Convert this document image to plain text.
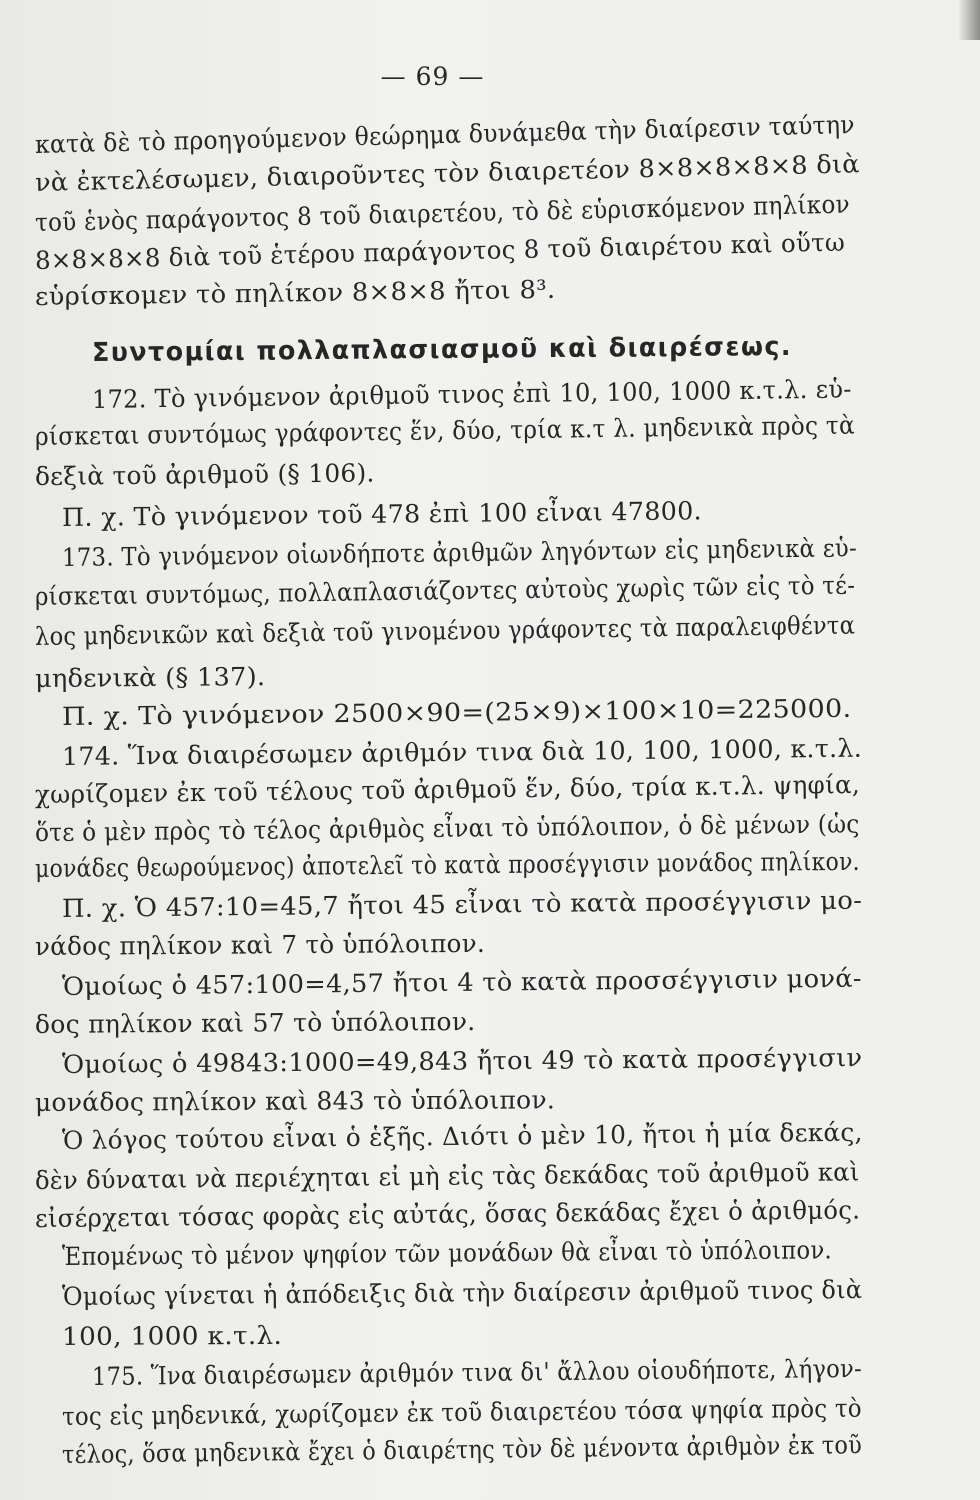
— 69 —
κατὰ δὲ τὸ προηγούμενον θεώρημα δυνάμεθα τὴν διαίρεσιν ταύτην
νὰ ἐκτελέσωμεν, διαιροῦντες τὸν διαιρετέον 8×8×8×8×8 διὰ
τοῦ ἑνὸς παράγοντος 8 τοῦ διαιρετέου, τὸ δὲ εὑρισκόμενον πηλίκον
8×8×8×8 διὰ τοῦ ἑτέρου παράγοντος 8 τοῦ διαιρέτου καὶ οὕτω
εὑρίσκομεν τὸ πηλίκον 8×8×8 ἤτοι 8³.
Συντομίαι πολλαπλασιασμοῦ καὶ διαιρέσεως.
172. Τὸ γινόμενον ἀριθμοῦ τινος ἐπὶ 10, 100, 1000 κ.τ.λ. εὑ-
ρίσκεται συντόμως γράφοντες ἕν, δύο, τρία κ.τ λ. μηδενικὰ πρὸς τὰ
δεξιὰ τοῦ ἀριθμοῦ (§ 106).
Π. χ. Τὸ γινόμενον τοῦ 478 ἐπὶ 100 εἶναι 47800.
173. Τὸ γινόμενον οἱωνδήποτε ἀριθμῶν ληγόντων εἰς μηδενικὰ εὑ-
ρίσκεται συντόμως, πολλαπλασιάζοντες αὐτοὺς χωρὶς τῶν εἰς τὸ τέ-
λος μηδενικῶν καὶ δεξιὰ τοῦ γινομένου γράφοντες τὰ παραλειφθέντα
μηδενικὰ (§ 137).
Π. χ. Τὸ γινόμενον 2500×90=(25×9)×100×10=225000.
174. Ἵνα διαιρέσωμεν ἀριθμόν τινα διὰ 10, 100, 1000, κ.τ.λ.
χωρίζομεν ἐκ τοῦ τέλους τοῦ ἀριθμοῦ ἕν, δύο, τρία κ.τ.λ. ψηφία,
ὅτε ὁ μὲν πρὸς τὸ τέλος ἀριθμὸς εἶναι τὸ ὑπόλοιπον, ὁ δὲ μένων (ὡς
μονάδες θεωρούμενος) ἀποτελεῖ τὸ κατὰ προσέγγισιν μονάδος πηλίκον.
Π. χ. Ὁ 457:10=45,7 ἤτοι 45 εἶναι τὸ κατὰ προσέγγισιν μο-
νάδος πηλίκον καὶ 7 τὸ ὑπόλοιπον.
Ὁμοίως ὁ 457:100=4,57 ἤτοι 4 τὸ κατὰ προσσέγγισιν μονά-
δος πηλίκον καὶ 57 τὸ ὑπόλοιπον.
Ὁμοίως ὁ 49843:1000=49,843 ἤτοι 49 τὸ κατὰ προσέγγισιν
μονάδος πηλίκον καὶ 843 τὸ ὑπόλοιπον.
Ὁ λόγος τούτου εἶναι ὁ ἑξῆς. Διότι ὁ μὲν 10, ἤτοι ἡ μία δεκάς,
δὲν δύναται νὰ περιέχηται εἰ μὴ εἰς τὰς δεκάδας τοῦ ἀριθμοῦ καὶ
εἰσέρχεται τόσας φορὰς εἰς αὐτάς, ὅσας δεκάδας ἔχει ὁ ἀριθμός.
Ἑπομένως τὸ μένον ψηφίον τῶν μονάδων θὰ εἶναι τὸ ὑπόλοιπον.
Ὁμοίως γίνεται ἡ ἀπόδειξις διὰ τὴν διαίρεσιν ἀριθμοῦ τινος διὰ
100, 1000 κ.τ.λ.
175. Ἵνα διαιρέσωμεν ἀριθμόν τινα δι' ἄλλου οἱουδήποτε, λήγον-
τος εἰς μηδενικά, χωρίζομεν ἐκ τοῦ διαιρετέου τόσα ψηφία πρὸς τὸ
τέλος, ὅσα μηδενικὰ ἔχει ὁ διαιρέτης τὸν δὲ μένοντα ἀριθμὸν ἐκ τοῦ
